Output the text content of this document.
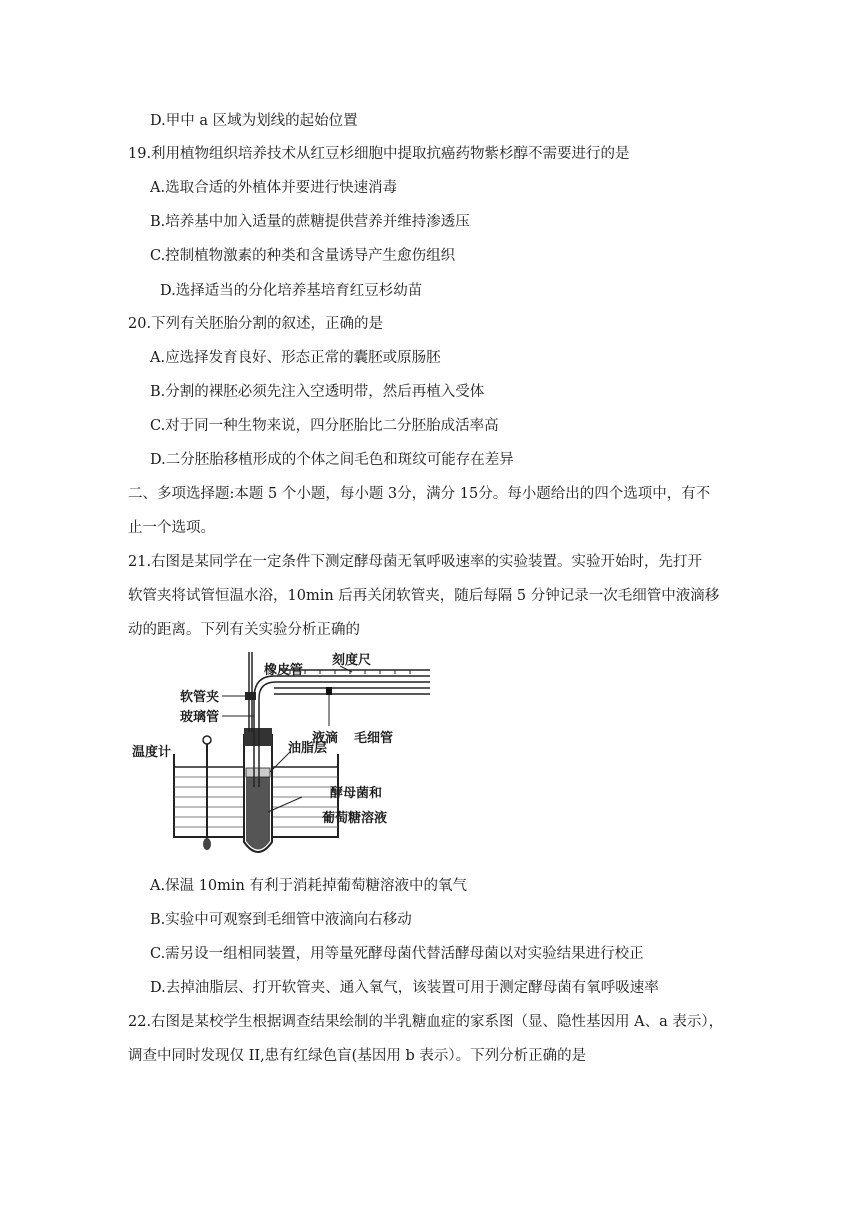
D.甲中 a 区域为划线的起始位置
19.利用植物组织培养技术从红豆杉细胞中提取抗癌药物紫杉醇不需要进行的是
A.选取合适的外植体并要进行快速消毒
B.培养基中加入适量的蔗糖提供营养并维持渗透压
C.控制植物激素的种类和含量诱导产生愈伤组织
D.选择适当的分化培养基培育红豆杉幼苗
20.下列有关胚胎分割的叙述，正确的是
A.应选择发育良好、形态正常的囊胚或原肠胚
B.分割的裸胚必须先注入空透明带，然后再植入受体
C.对于同一种生物来说，四分胚胎比二分胚胎成活率高
D.二分胚胎移植形成的个体之间毛色和斑纹可能存在差异
二、多项选择题:本题 5 个小题，每小题 3分，满分 15分。每小题给出的四个选项中，有不
止一个选项。
21.右图是某同学在一定条件下测定酵母菌无氧呼吸速率的实验装置。实验开始时，先打开
软管夹将试管恒温水浴，10min 后再关闭软管夹，随后每隔 5 分钟记录一次毛细管中液滴移
动的距离。下列有关实验分析正确的
刻度尺
橡皮管
软管夹
玻璃管
温度计
液滴 毛细管
油脂层
酵母菌和
葡萄糖溶液
A.保温 10min 有利于消耗掉葡萄糖溶液中的氧气
B.实验中可观察到毛细管中液滴向右移动
C.需另设一组相同装置，用等量死酵母菌代替活酵母菌以对实验结果进行校正
D.去掉油脂层、打开软管夹、通入氧气，该装置可用于测定酵母菌有氧呼吸速率
22.右图是某校学生根据调查结果绘制的半乳糖血症的家系图（显、隐性基因用 A、a 表示），
调查中同时发现仅 II,患有红绿色盲(基因用 b 表示）。下列分析正确的是
